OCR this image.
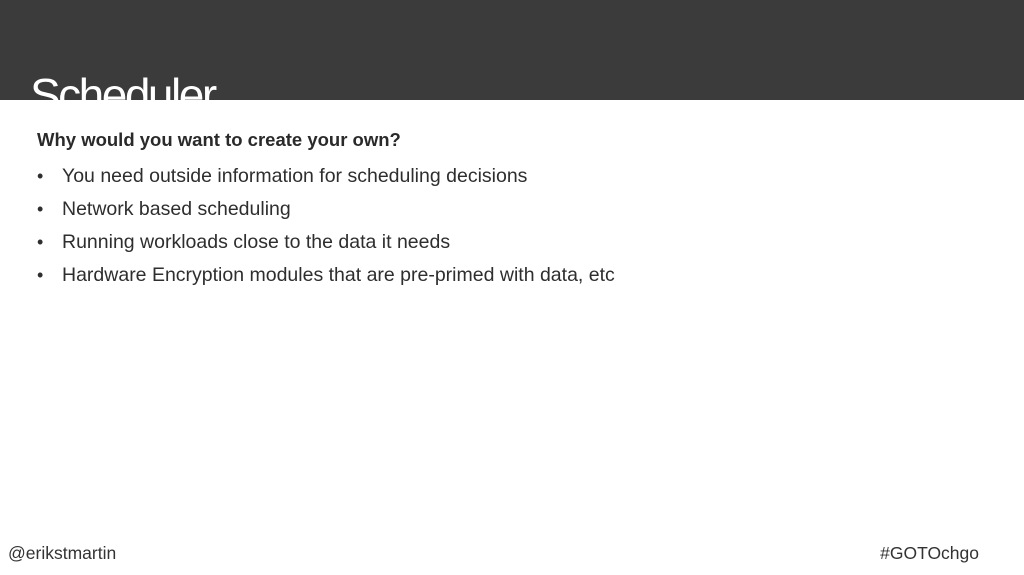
Scheduler
Why would you want to create your own?
• You need outside information for scheduling decisions
• Network based scheduling
• Running workloads close to the data it needs
• Hardware Encryption modules that are pre-primed with data, etc
@erikstmartin	#GOTOchgo
